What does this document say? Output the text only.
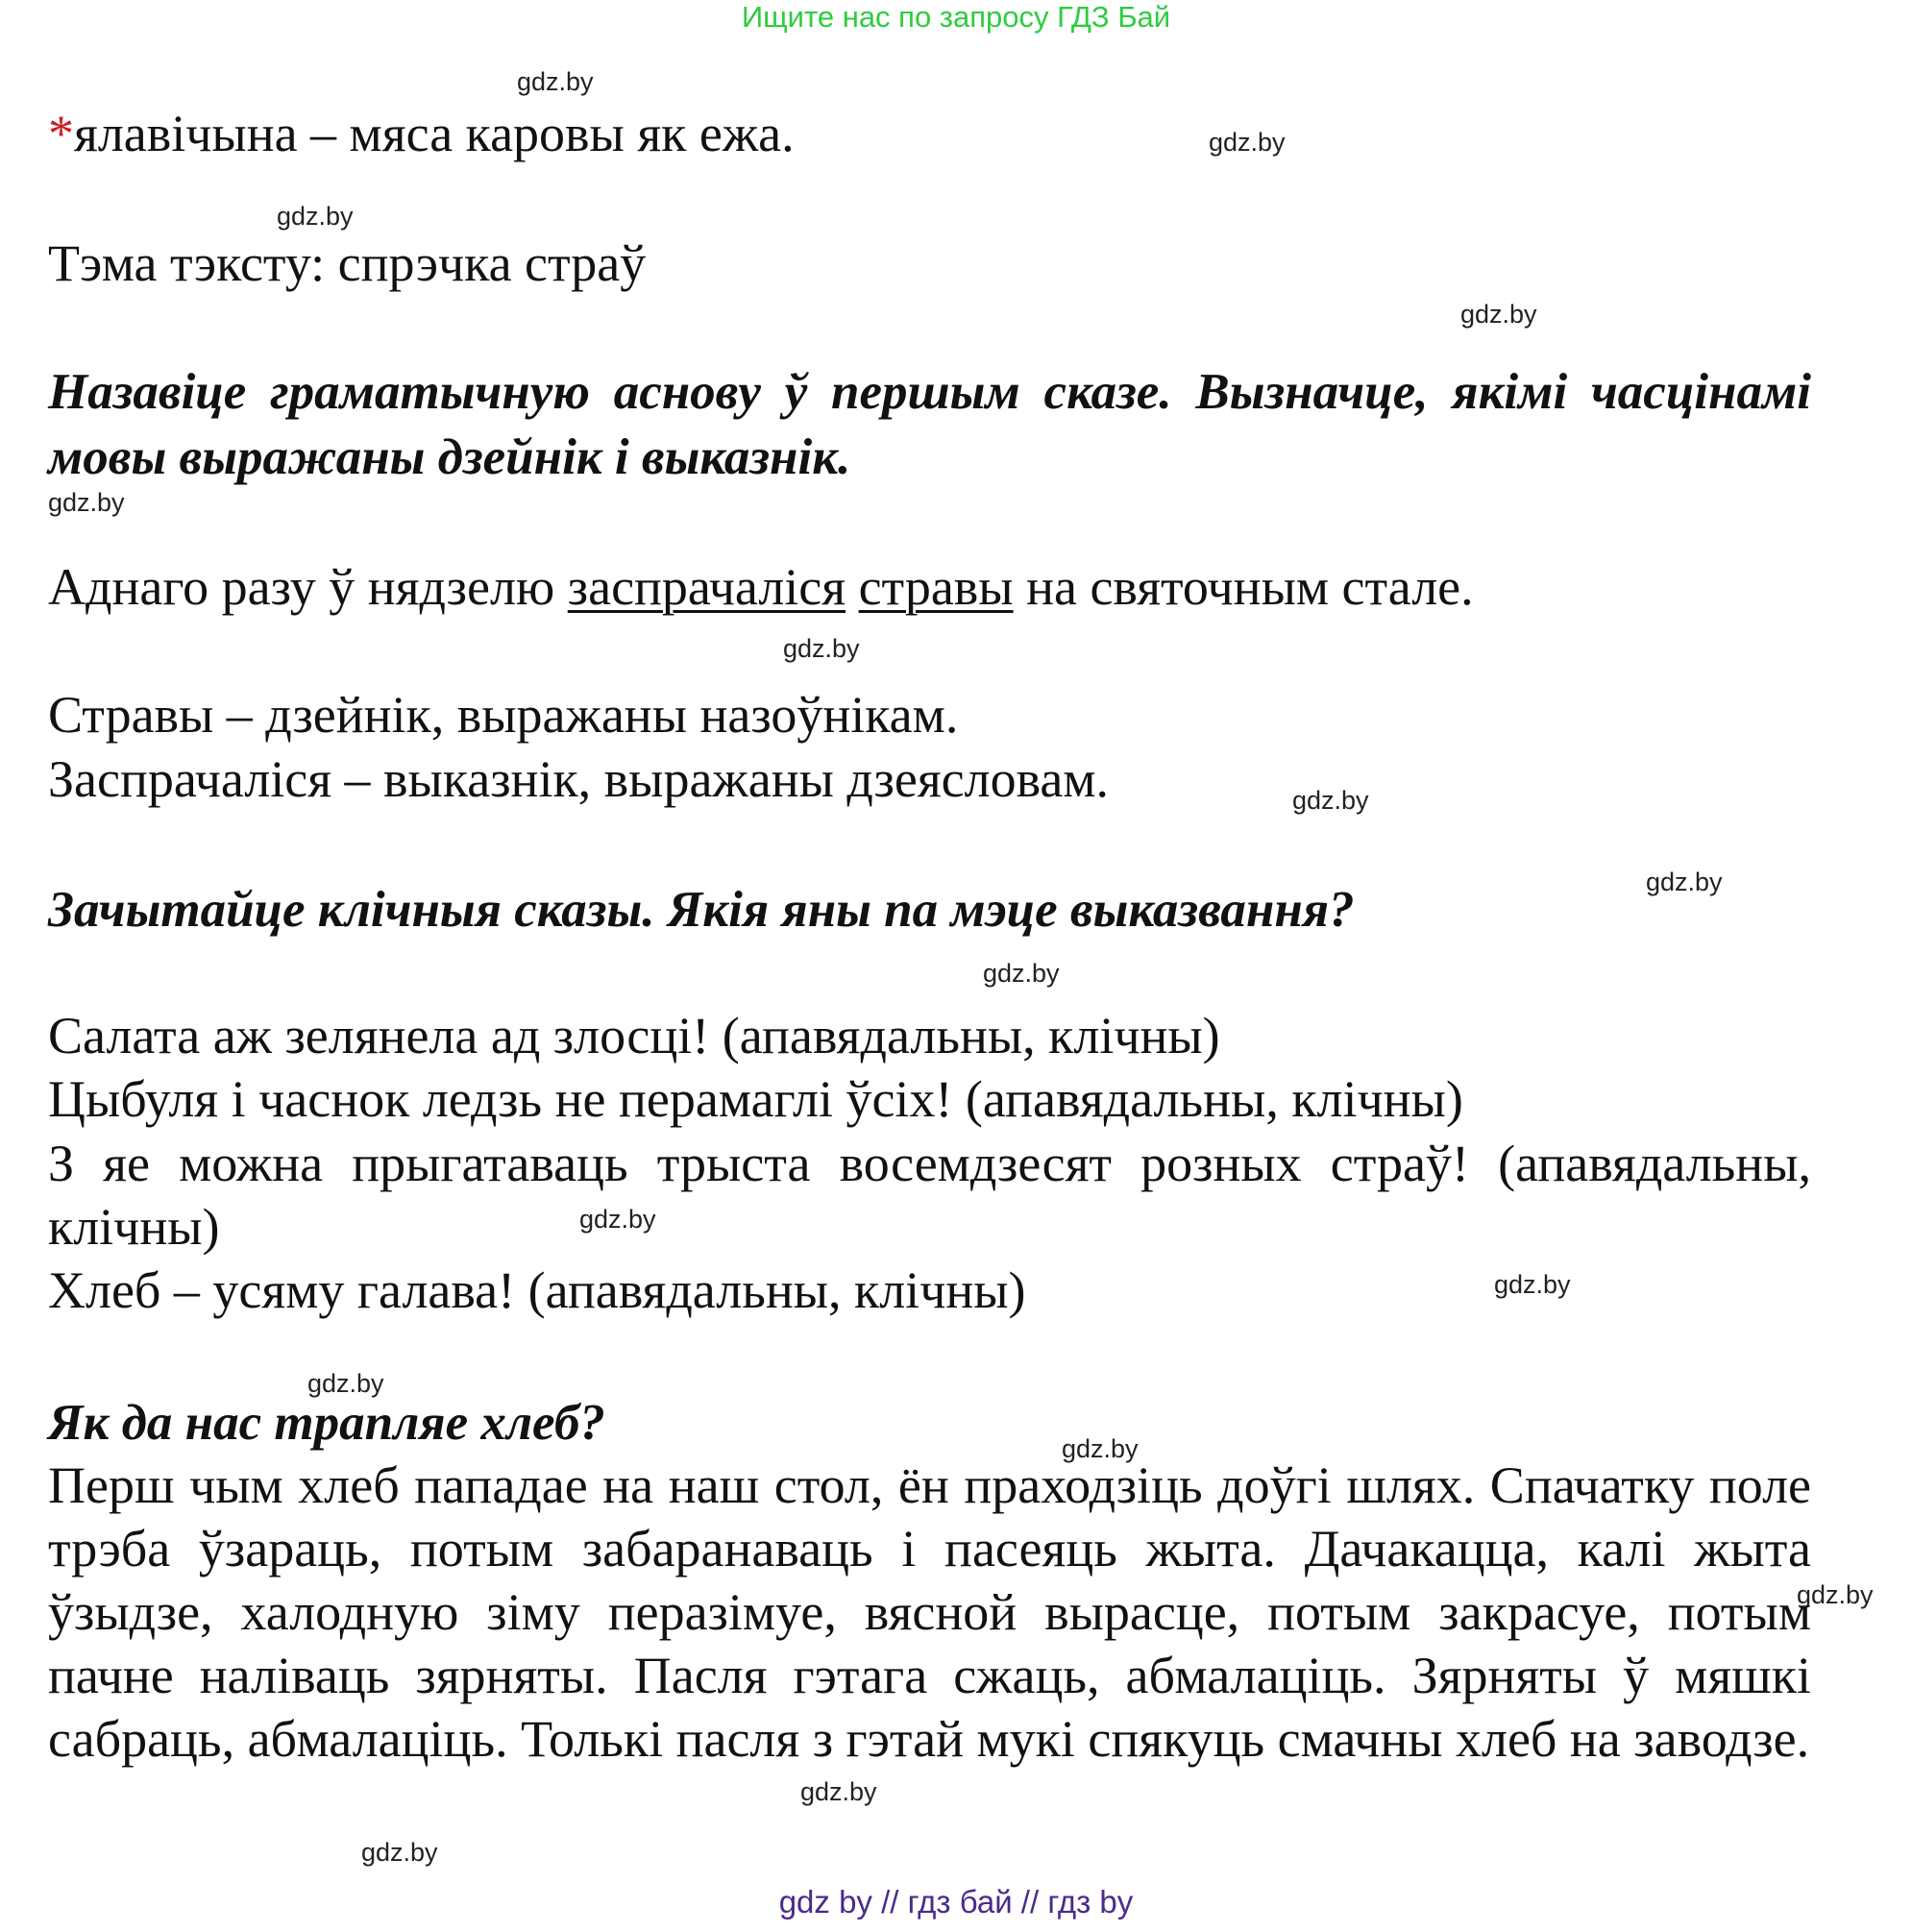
Ищите нас по запросу ГДЗ Бай
gdz.by
gdz.by
gdz.by
gdz.by
gdz.by
gdz.by
gdz.by
gdz.by
gdz.by
gdz.by
gdz.by
gdz.by
gdz.by
gdz.by
gdz.by
gdz.by
*ялавічына – мяса каровы як ежа.
Тэма тэксту: спрэчка страў
Назавіце граматычную аснову ў першым сказе. Вызначце, якімі часцінамі мовы выражаны дзейнік і выказнік.
Аднаго разу ў нядзелю заспрачаліся стравы на святочным стале.
Стравы – дзейнік, выражаны назоўнікам.
Заспрачаліся – выказнік, выражаны дзеясловам.
Зачытайце клічныя сказы. Якія яны па мэце выказвання?
Салата аж зелянела ад злосці! (апавядальны, клічны)
Цыбуля і часнок ледзь не перамаглі ўсіх! (апавядальны, клічны)
З яе можна прыгатаваць трыста восемдзесят розных страў! (апавядальны, клічны)
Хлеб – усяму галава! (апавядальны, клічны)
Як да нас трапляе хлеб?
Перш чым хлеб пападае на наш стол, ён праходзіць доўгі шлях. Спачатку поле трэба ўзараць, потым забаранаваць і пасеяць жыта. Дачакацца, калі жыта ўзыдзе, халодную зіму перазімуе, вясной вырасце, потым закрасуе, потым пачне наліваць зярняты. Пасля гэтага сжаць, абмалаціць. Зярняты ў мяшкі сабраць, абмалаціць. Толькі пасля з гэтай мукі спякуць смачны хлеб на заводзе.
gdz by // гдз бай // гдз by
